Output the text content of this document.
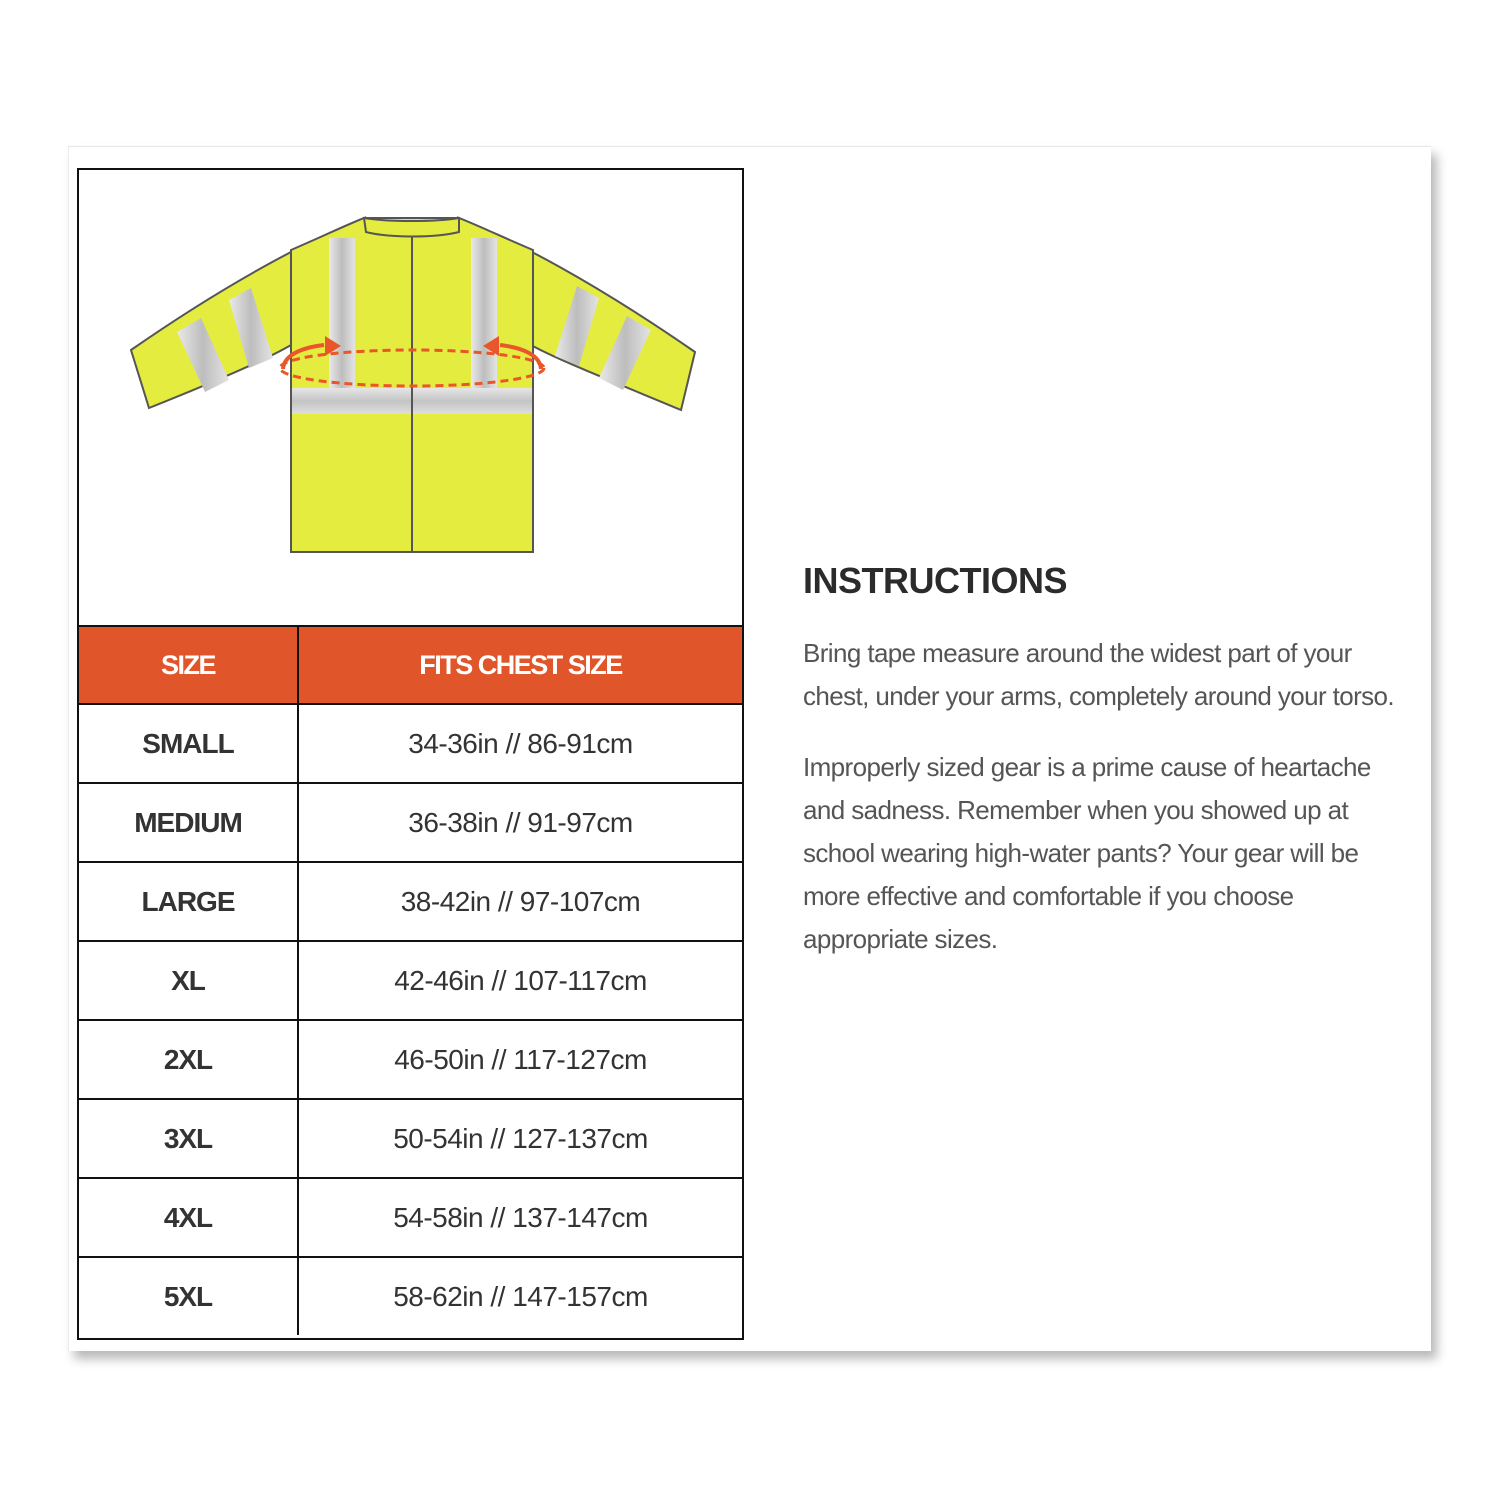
SIZE	FITS CHEST SIZE
SMALL	34-36in // 86-91cm
MEDIUM	36-38in // 91-97cm
LARGE	38-42in // 97-107cm
XL	42-46in // 107-117cm
2XL	46-50in // 117-127cm
3XL	50-54in // 127-137cm
4XL	54-58in // 137-147cm
5XL	58-62in // 147-157cm
INSTRUCTIONS

Bring tape measure around the widest part of your chest, under your arms, completely around your torso.

Improperly sized gear is a prime cause of heartache and sadness. Remember when you showed up at school wearing high-water pants? Your gear will be more effective and comfortable if you choose appropriate sizes.
